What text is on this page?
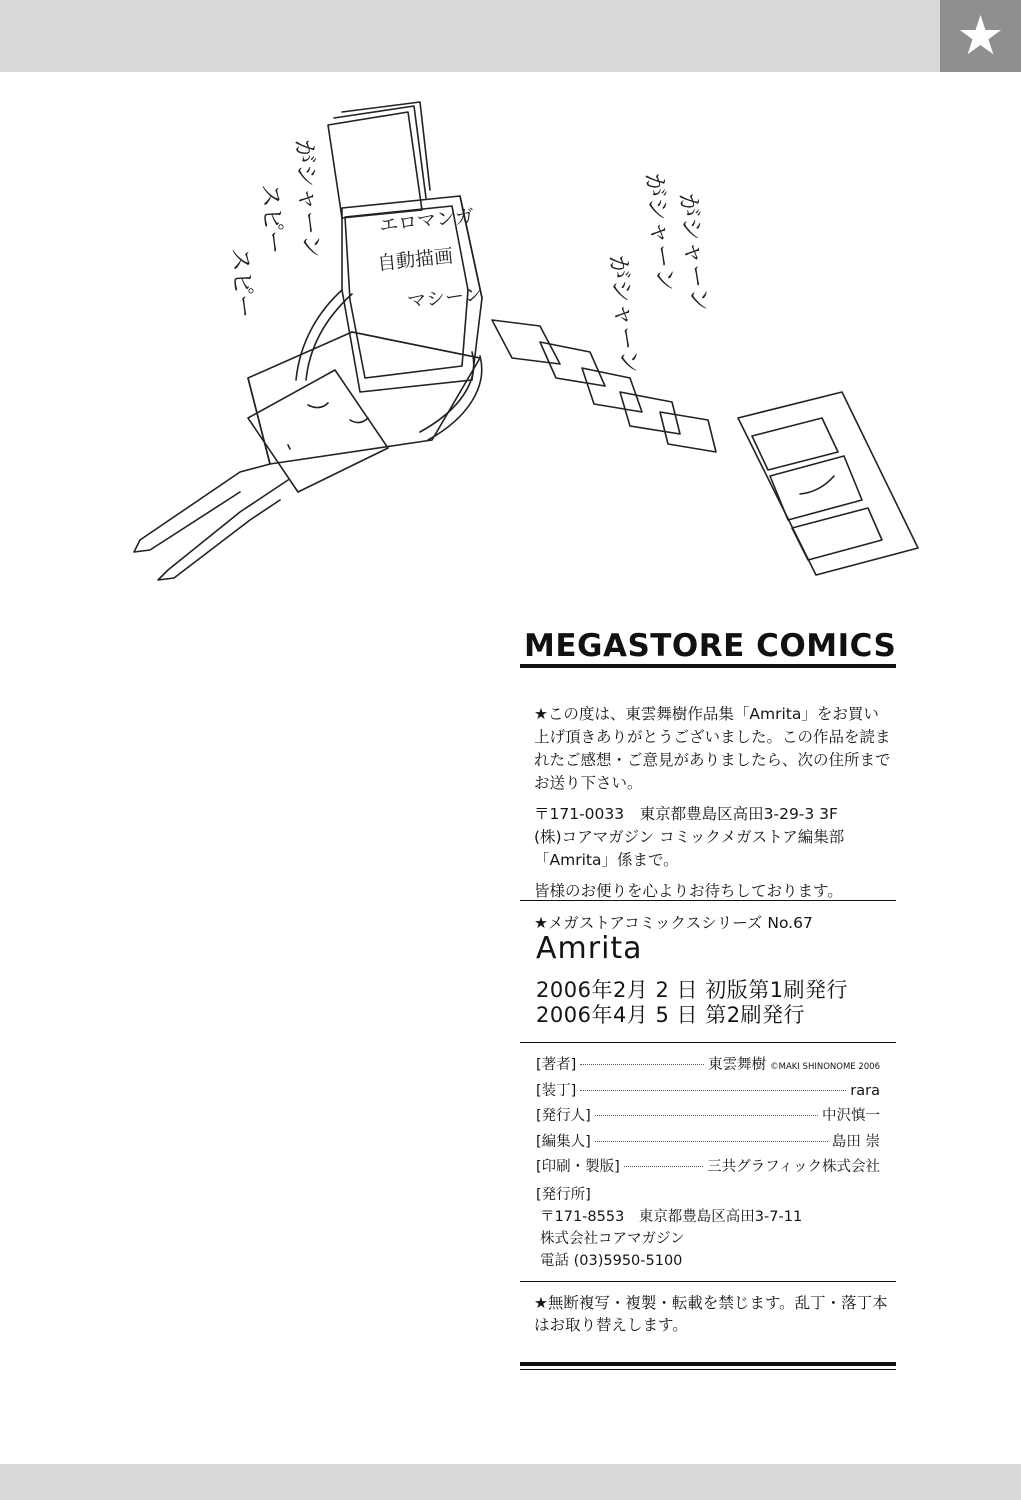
★
エロマンガ
自動描画
マシーン
がシャーン
スピー
スピー	がシャーン
がシャーン
がシャーン
MEGASTORE COMICS

★この度は、東雲舞樹作品集「Amrita」をお買い上げ頂きありがとうございました。この作品を読まれたご感想・ご意見がありましたら、次の住所までお送り下さい。

〒171-0033　東京都豊島区高田3-29-3 3F
(株)コアマガジン コミックメガストア編集部
「Amrita」係まで。
皆様のお便りを心よりお待ちしております。
★メガストアコミックスシリーズ No.67
Amrita
2006年2月 2 日 初版第1刷発行
2006年4月 5 日 第2刷発行
[著者]	東雲舞樹 ©MAKI SHINONOME 2006
[装丁]	rara
[発行人]	中沢慎一
[編集人]	島田 崇
[印刷・製版]	三共グラフィック株式会社
[発行所]
〒171-8553　東京都豊島区高田3-7-11
株式会社コアマガジン
電話 (03)5950-5100
★無断複写・複製・転載を禁じます。乱丁・落丁本はお取り替えします。
